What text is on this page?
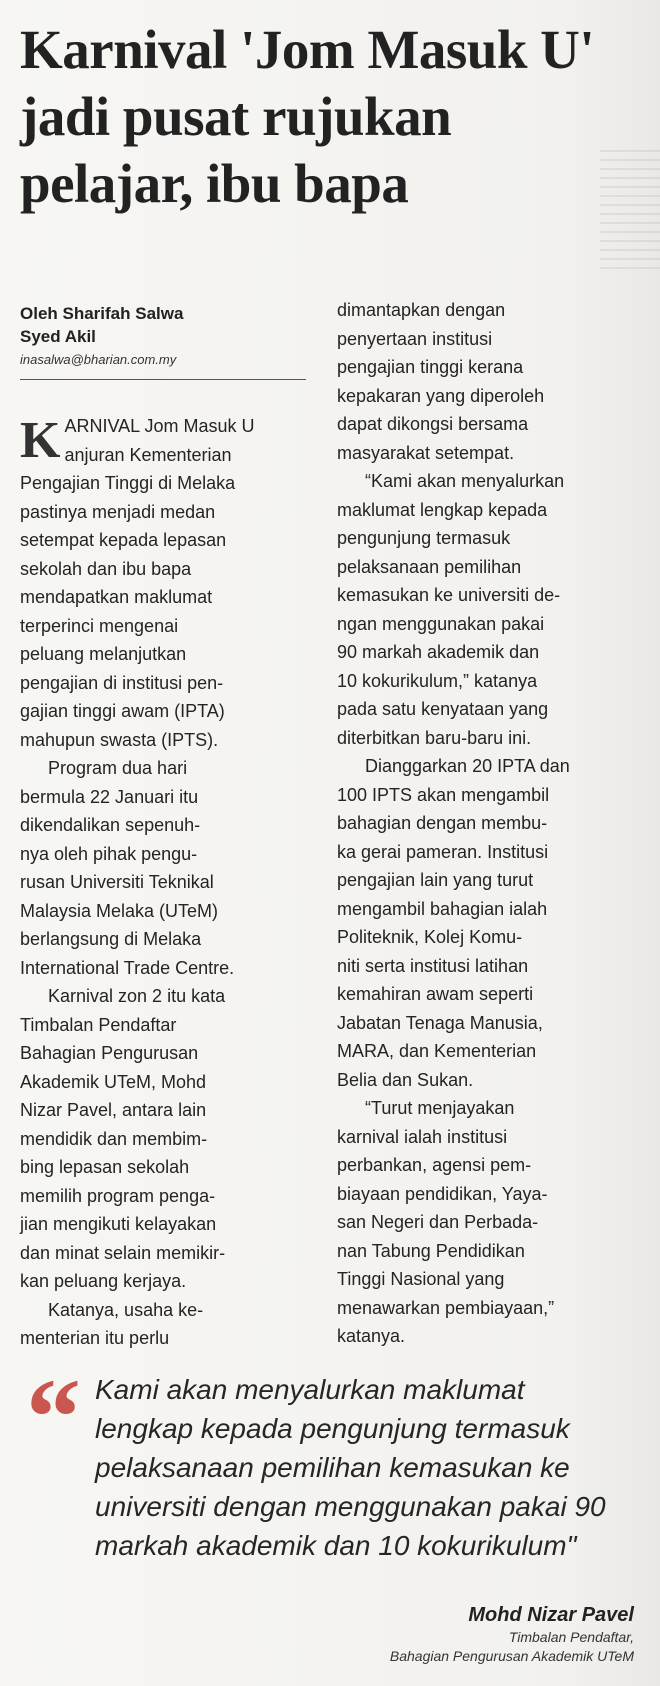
Karnival 'Jom Masuk U'
jadi pusat rujukan
pelajar, ibu bapa
Oleh Sharifah Salwa
Syed Akil
inasalwa@bharian.com.my
K ARNIVAL Jom Masuk U
anjuran Kementerian
Pengajian Tinggi di Melaka
pastinya menjadi medan
setempat kepada lepasan
sekolah dan ibu bapa
mendapatkan maklumat
terperinci mengenai
peluang melanjutkan
pengajian di institusi pen-
gajian tinggi awam (IPTA)
mahupun swasta (IPTS).
Program dua hari
bermula 22 Januari itu
dikendalikan sepenuh-
nya oleh pihak pengu-
rusan Universiti Teknikal
Malaysia Melaka (UTeM)
berlangsung di Melaka
International Trade Centre.
Karnival zon 2 itu kata
Timbalan Pendaftar
Bahagian Pengurusan
Akademik UTeM, Mohd
Nizar Pavel, antara lain
mendidik dan membim-
bing lepasan sekolah
memilih program penga-
jian mengikuti kelayakan
dan minat selain memikir-
kan peluang kerjaya.
Katanya, usaha ke-
menterian itu perlu
dimantapkan dengan
penyertaan institusi
pengajian tinggi kerana
kepakaran yang diperoleh
dapat dikongsi bersama
masyarakat setempat.
“Kami akan menyalurkan
maklumat lengkap kepada
pengunjung termasuk
pelaksanaan pemilihan
kemasukan ke universiti de-
ngan menggunakan pakai
90 markah akademik dan
10 kokurikulum,” katanya
pada satu kenyataan yang
diterbitkan baru-baru ini.
Dianggarkan 20 IPTA dan
100 IPTS akan mengambil
bahagian dengan membu-
ka gerai pameran. Institusi
pengajian lain yang turut
mengambil bahagian ialah
Politeknik, Kolej Komu-
niti serta institusi latihan
kemahiran awam seperti
Jabatan Tenaga Manusia,
MARA, dan Kementerian
Belia dan Sukan.
“Turut menjayakan
karnival ialah institusi
perbankan, agensi pem-
biayaan pendidikan, Yaya-
san Negeri dan Perbada-
nan Tabung Pendidikan
Tinggi Nasional yang
menawarkan pembiayaan,”
katanya.
“ Kami akan menyalurkan maklumat
lengkap kepada pengunjung termasuk
pelaksanaan pemilihan kemasukan ke
universiti dengan menggunakan pakai 90
markah akademik dan 10 kokurikulum"
Mohd Nizar Pavel
Timbalan Pendaftar,
Bahagian Pengurusan Akademik UTeM
